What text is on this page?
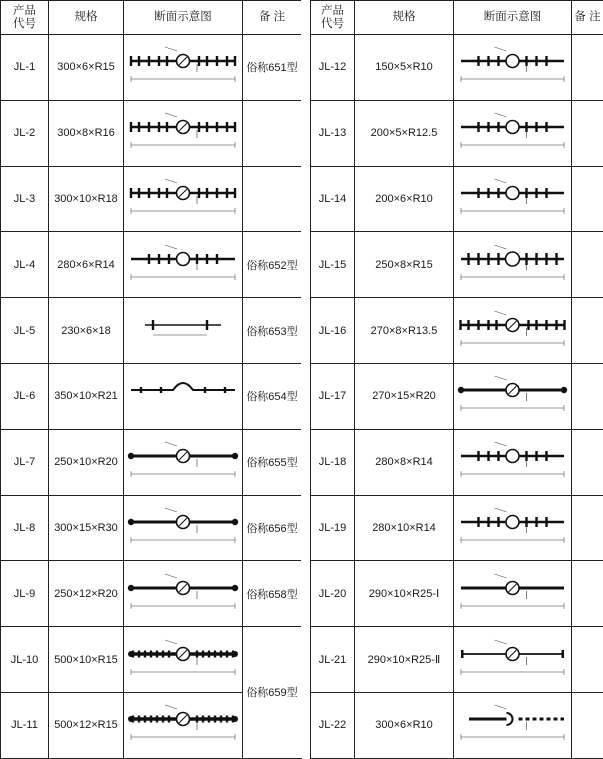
产品
代号	规格	断面示意图	备 注
JL-1	300×6×R15		俗称651型
JL-2	300×8×R16	

JL-3	300×10×R18	

JL-4	280×6×R14		俗称652型
JL-5	230×6×18		俗称653型
JL-6	350×10×R21		俗称654型
JL-7	250×10×R20		俗称655型
JL-8	300×15×R30		俗称656型
JL-9	250×12×R20		俗称658型
JL-10	500×10×R15		俗称659型
JL-11	500×12×R15	
产品
代号	规格	断面示意图	备 注
JL-12	150×5×R10	

JL-13	200×5×R12.5	

JL-14	200×6×R10	

JL-15	250×8×R15	

JL-16	270×8×R13.5	

JL-17	270×15×R20	

JL-18	280×8×R14	

JL-19	280×10×R14	

JL-20	290×10×R25-Ⅰ	

JL-21	290×10×R25-Ⅱ	

JL-22	300×6×R10	
